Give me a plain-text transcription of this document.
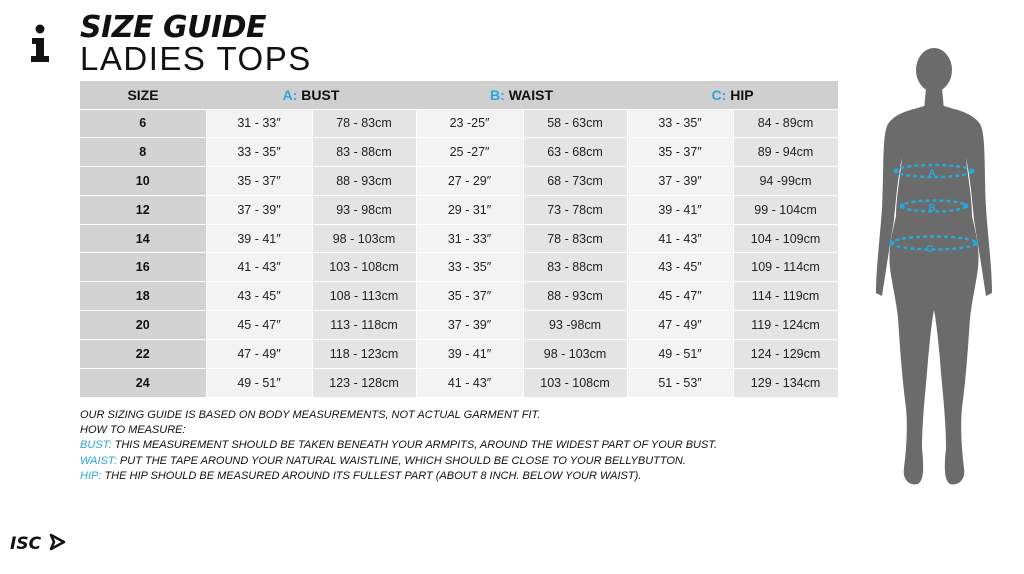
SIZE GUIDE
LADIES TOPS
SIZE	A: BUST		B: WAIST		C: HIP	
6	31 - 33″	78 - 83cm	23 -25″	58 - 63cm	33 - 35″	84 - 89cm
8	33 - 35″	83 - 88cm	25 -27″	63 - 68cm	35 - 37″	89 - 94cm
10	35 - 37″	88 - 93cm	27 - 29″	68 - 73cm	37 - 39″	94 -99cm
12	37 - 39″	93 - 98cm	29 - 31″	73 - 78cm	39 - 41″	99 - 104cm
14	39 - 41″	98 - 103cm	31 - 33″	78 - 83cm	41 - 43″	104 - 109cm
16	41 - 43″	103 - 108cm	33 - 35″	83 - 88cm	43 - 45″	109 - 114cm
18	43 - 45″	108 - 113cm	35 - 37″	88 - 93cm	45 - 47″	114 - 119cm
20	45 - 47″	113 - 118cm	37 - 39″	93 -98cm	47 - 49″	119 - 124cm
22	47 - 49″	118 - 123cm	39 - 41″	98 - 103cm	49 - 51″	124 - 129cm
24	49 - 51″	123 - 128cm	41 - 43″	103 - 108cm	51 - 53″	129 - 134cm
OUR SIZING GUIDE IS BASED ON BODY MEASUREMENTS, NOT ACTUAL GARMENT FIT.
HOW TO MEASURE:
BUST: THIS MEASUREMENT SHOULD BE TAKEN BENEATH YOUR ARMPITS, AROUND THE WIDEST PART OF YOUR BUST.
WAIST: PUT THE TAPE AROUND YOUR NATURAL WAISTLINE, WHICH SHOULD BE CLOSE TO YOUR BELLYBUTTON.
HIP: THE HIP SHOULD BE MEASURED AROUND ITS FULLEST PART (ABOUT 8 INCH. BELOW YOUR WAIST).
A
B
C
ISC
